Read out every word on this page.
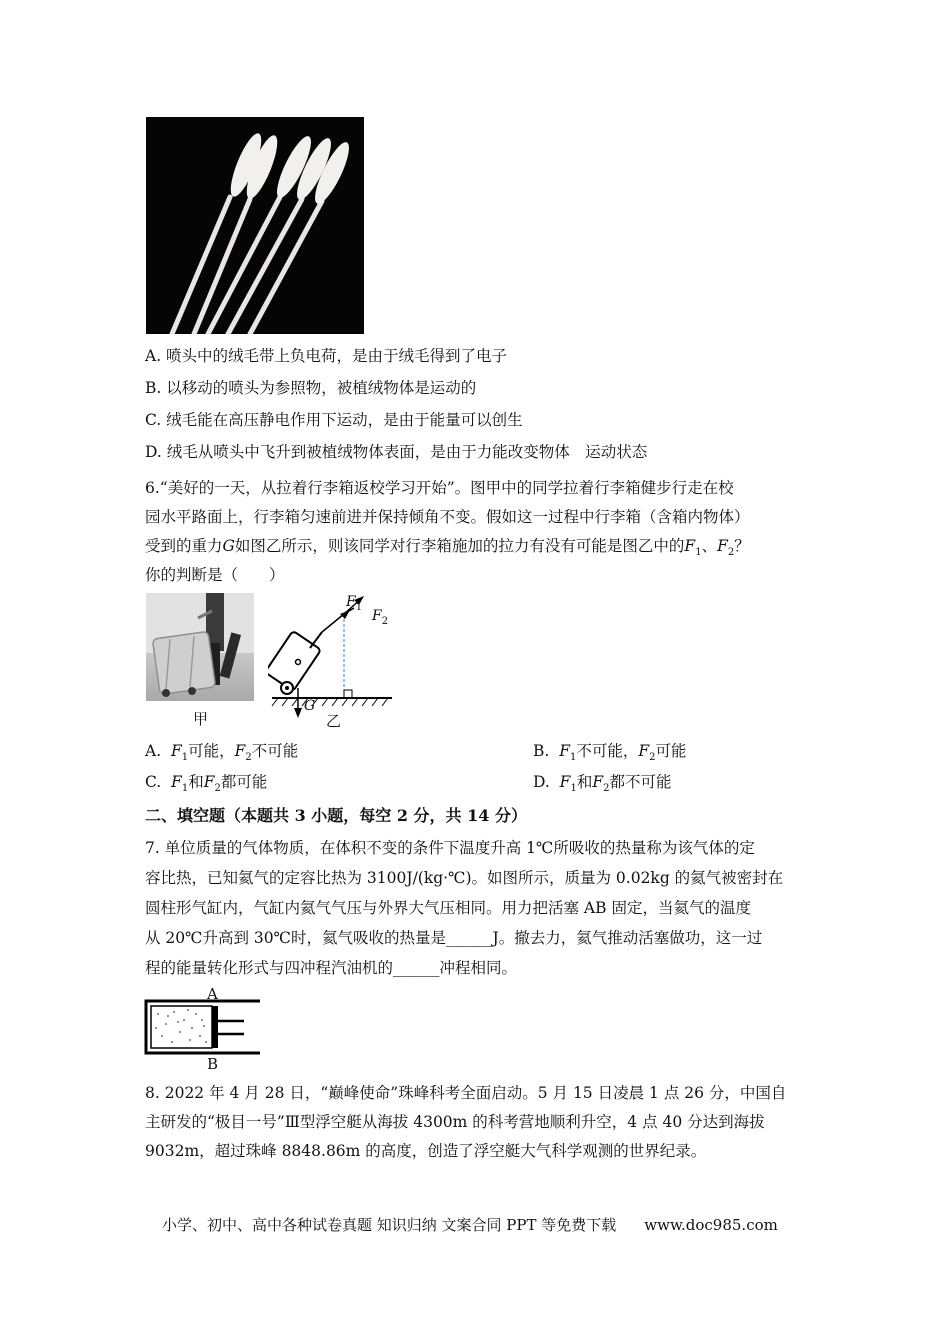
A. 喷头中的绒毛带上负电荷，是由于绒毛得到了电子
B. 以移动的喷头为参照物，被植绒物体是运动的
C. 绒毛能在高压静电作用下运动，是由于能量可以创生
D. 绒毛从喷头中飞升到被植绒物体表面，是由于力能改变物体　运动状态
6.“美好的一天，从拉着行李箱返校学习开始”。图甲中的同学拉着行李箱健步行走在校
园水平路面上，行李箱匀速前进并保持倾角不变。假如这一过程中行李箱（含箱内物体）
受到的重力G如图乙所示，则该同学对行李箱施加的拉力有没有可能是图乙中的$F_1$、$F_2$？
你的判断是（　　）
甲
$F_1$
$F_2$
G
乙
A. $F_1$可能，$F_2$不可能	B. $F_1$不可能，$F_2$可能
C. $F_1$和$F_2$都可能	D. $F_1$和$F_2$都不可能
二、填空题（本题共 3 小题，每空 2 分，共 14 分）
7. 单位质量的气体物质，在体积不变的条件下温度升高 1℃所吸收的热量称为该气体的定
容比热，已知氦气的定容比热为 3100J/(kg·℃)。如图所示，质量为 0.02kg 的氦气被密封在
圆柱形气缸内，气缸内氦气气压与外界大气压相同。用力把活塞 AB 固定，当氦气的温度
从 20℃升高到 30℃时，氦气吸收的热量是______J。撤去力，氦气推动活塞做功，这一过
程的能量转化形式与四冲程汽油机的______冲程相同。
A
B
8. 2022 年 4 月 28 日，“巅峰使命”珠峰科考全面启动。5 月 15 日凌晨 1 点 26 分，中国自
主研发的“极目一号”Ⅲ型浮空艇从海拔 4300m 的科考营地顺利升空，4 点 40 分达到海拔
9032m，超过珠峰 8848.86m 的高度，创造了浮空艇大气科学观测的世界纪录。
小学、初中、高中各种试卷真题 知识归纳 文案合同 PPT 等免费下载 www.doc985.com
